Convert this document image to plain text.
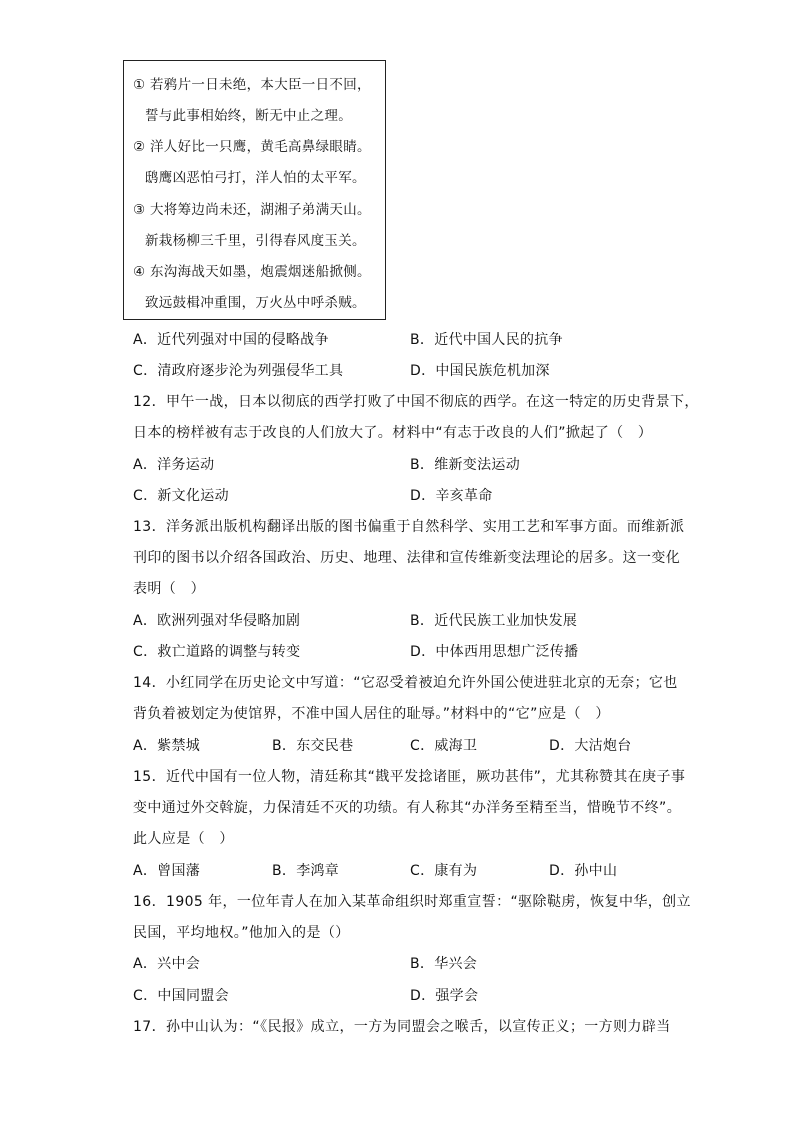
① 若鸦片一日未绝，本大臣一日不回，
誓与此事相始终，断无中止之理。
② 洋人好比一只鹰，黄毛高鼻绿眼睛。
鸱鹰凶恶怕弓打，洋人怕的太平军。
③ 大将筹边尚未还，湖湘子弟满天山。
新栽杨柳三千里，引得春风度玉关。
④ 东沟海战天如墨，炮震烟迷船掀侧。
致远鼓楫冲重围，万火丛中呼杀贼。
A．近代列强对中国的侵略战争	B．近代中国人民的抗争
C．清政府逐步沦为列强侵华工具	D．中国民族危机加深
12．甲午一战，日本以彻底的西学打败了中国不彻底的西学。在这一特定的历史背景下，
日本的榜样被有志于改良的人们放大了。材料中“有志于改良的人们”掀起了（　）
A．洋务运动	B．维新变法运动
C．新文化运动	D．辛亥革命
13．洋务派出版机构翻译出版的图书偏重于自然科学、实用工艺和军事方面。而维新派
刊印的图书以介绍各国政治、历史、地理、法律和宣传维新变法理论的居多。这一变化
表明（　）
A．欧洲列强对华侵略加剧	B．近代民族工业加快发展
C．救亡道路的调整与转变	D．中体西用思想广泛传播
14．小红同学在历史论文中写道：“它忍受着被迫允许外国公使进驻北京的无奈；它也
背负着被划定为使馆界，不准中国人居住的耻辱。”材料中的“它”应是（　）
A．紫禁城	B．东交民巷	C．威海卫	D．大沽炮台
15．近代中国有一位人物，清廷称其“戡平发捻诸匪，厥功甚伟”，尤其称赞其在庚子事
变中通过外交斡旋，力保清廷不灭的功绩。有人称其“办洋务至精至当，惜晚节不终”。
此人应是（　）
A．曾国藩	B．李鸿章	C．康有为	D．孙中山
16．1905 年，一位年青人在加入某革命组织时郑重宣誓：“驱除鞑虏，恢复中华，创立
民国，平均地权。”他加入的是（）
A．兴中会	B．华兴会
C．中国同盟会	D．强学会
17．孙中山认为：“《民报》成立，一方为同盟会之喉舌，以宣传正义；一方则力辟当
